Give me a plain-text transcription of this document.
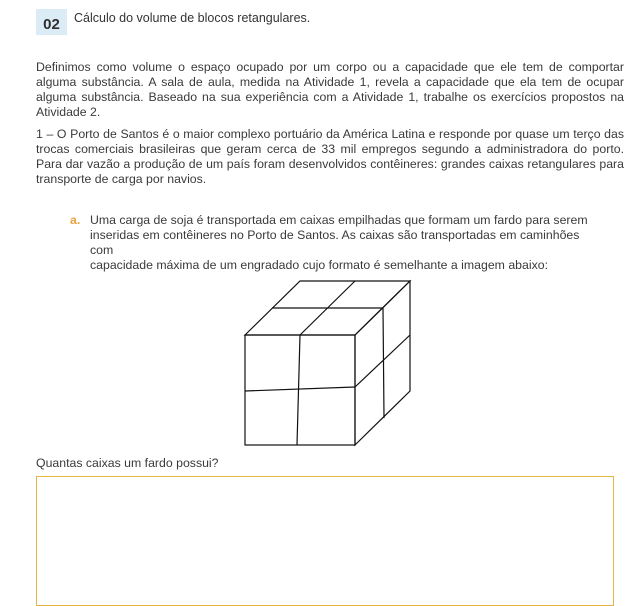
02	Cálculo do volume de blocos retangulares.

Definimos como volume o espaço ocupado por um corpo ou a capacidade que ele tem de comportar alguma substância. A sala de aula, medida na Atividade 1, revela a capacidade que ela tem de ocupar alguma substância. Baseado na sua experiência com a Atividade 1, trabalhe os exercícios propostos na Atividade 2.

1 – O Porto de Santos é o maior complexo portuário da América Latina e responde por quase um terço das trocas comerciais brasileiras que geram cerca de 33 mil empregos segundo a administradora do porto. Para dar vazão a produção de um país foram desenvolvidos contêineres: grandes caixas retangulares para transporte de carga por navios.

a. Uma carga de soja é transportada em caixas empilhadas que formam um fardo para serem
inseridas em contêineres no Porto de Santos. As caixas são transportadas em caminhões com
capacidade máxima de um engradado cujo formato é semelhante a imagem abaixo:

Quantas caixas um fardo possui?
